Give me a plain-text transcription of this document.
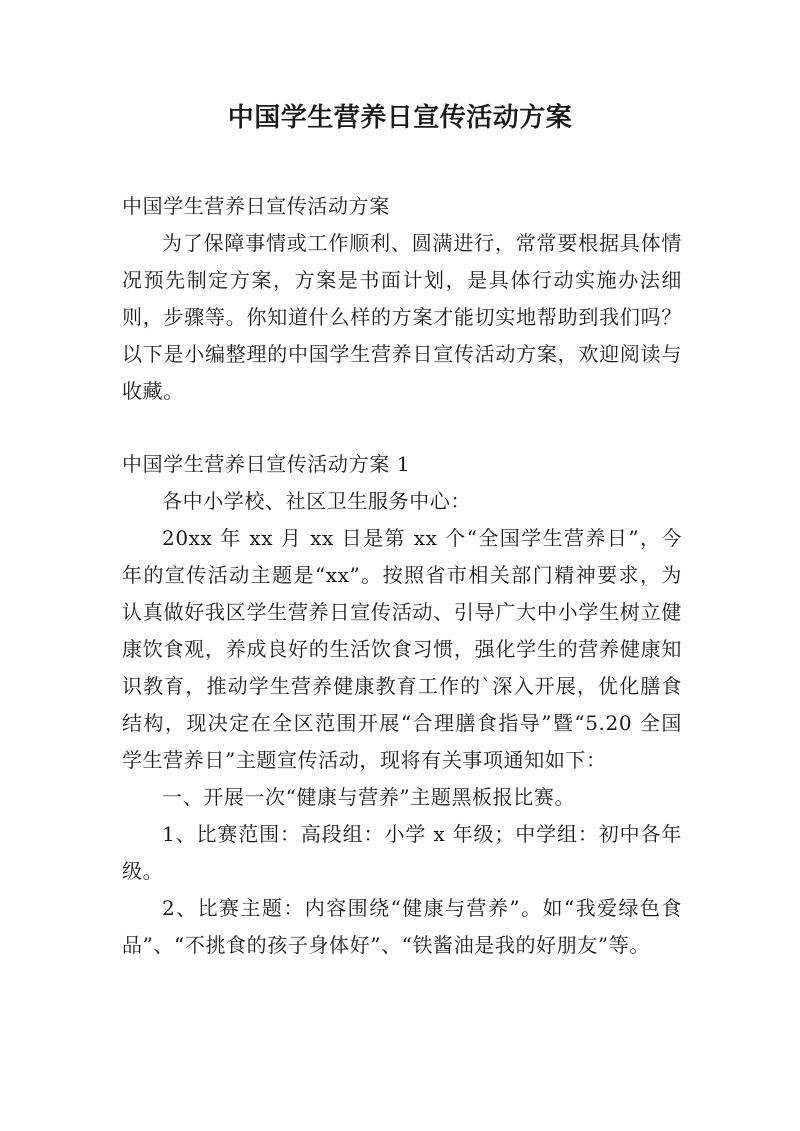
中国学生营养日宣传活动方案

中国学生营养日宣传活动方案

为了保障事情或工作顺利、圆满进行，常常要根据具体情况预先制定方案，方案是书面计划，是具体行动实施办法细则，步骤等。你知道什么样的方案才能切实地帮助到我们吗？以下是小编整理的中国学生营养日宣传活动方案，欢迎阅读与收藏。

中国学生营养日宣传活动方案 1

各中小学校、社区卫生服务中心：

20xx 年 xx 月 xx 日是第 xx 个“全国学生营养日”，今年的宣传活动主题是“xx”。按照省市相关部门精神要求，为认真做好我区学生营养日宣传活动、引导广大中小学生树立健康饮食观，养成良好的生活饮食习惯，强化学生的营养健康知识教育，推动学生营养健康教育工作的`深入开展，优化膳食结构，现决定在全区范围开展“合理膳食指导”暨“5.20 全国学生营养日”主题宣传活动，现将有关事项通知如下：

一、开展一次“健康与营养”主题黑板报比赛。

1、比赛范围：高段组：小学 x 年级；中学组：初中各年级。

2、比赛主题：内容围绕“健康与营养”。如“我爱绿色食品”、“不挑食的孩子身体好”、“铁酱油是我的好朋友”等。
